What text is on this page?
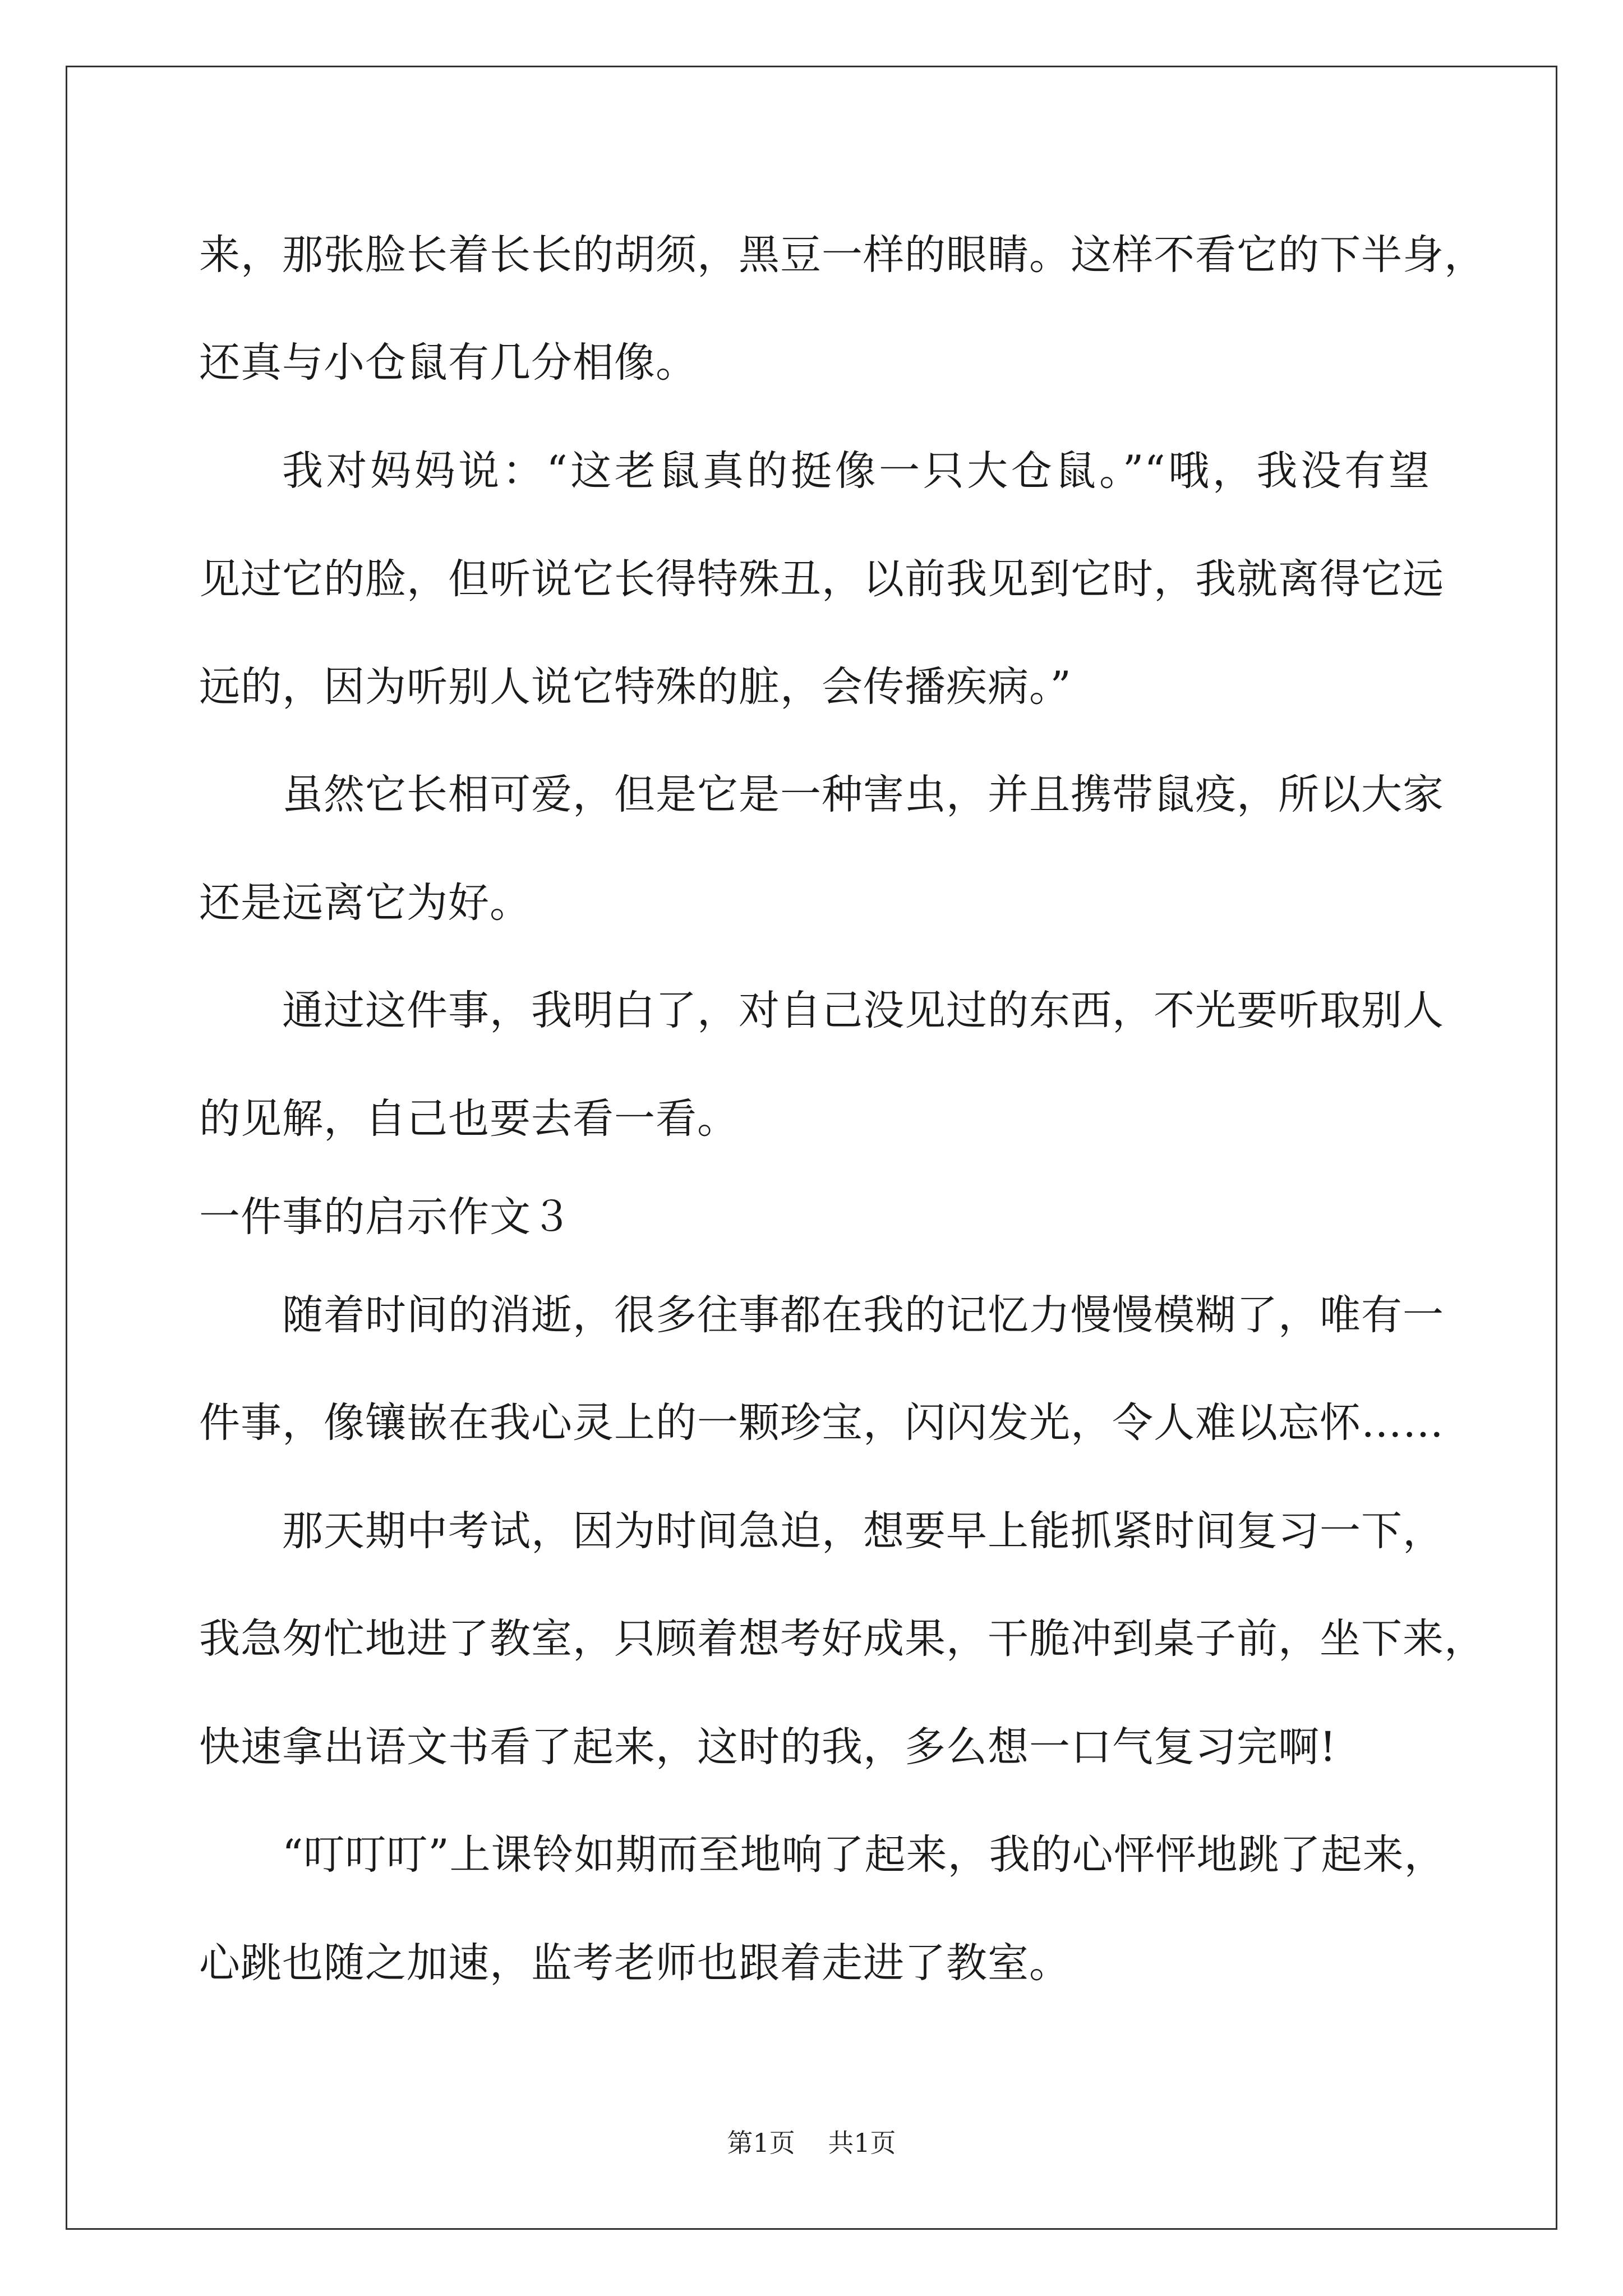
来，那张脸长着长长的胡须，黑豆一样的眼睛。这样不看它的下半身，
还真与小仓鼠有几分相像。
我对妈妈说：“这老鼠真的挺像一只大仓鼠。”“哦，我没有望
见过它的脸，但听说它长得特殊丑，以前我见到它时，我就离得它远
远的，因为听别人说它特殊的脏，会传播疾病。”
虽然它长相可爱，但是它是一种害虫，并且携带鼠疫，所以大家
还是远离它为好。
通过这件事，我明白了，对自己没见过的东西，不光要听取别人
的见解，自己也要去看一看。
一件事的启示作文３
随着时间的消逝，很多往事都在我的记忆力慢慢模糊了，唯有一
件事，像镶嵌在我心灵上的一颗珍宝，闪闪发光，令人难以忘怀……
那天期中考试，因为时间急迫，想要早上能抓紧时间复习一下，
我急匆忙地进了教室，只顾着想考好成果，干脆冲到桌子前，坐下来，
快速拿出语文书看了起来，这时的我，多么想一口气复习完啊!
“叮叮叮”上课铃如期而至地响了起来，我的心怦怦地跳了起来，
心跳也随之加速，监考老师也跟着走进了教室。
第1页 共1页
